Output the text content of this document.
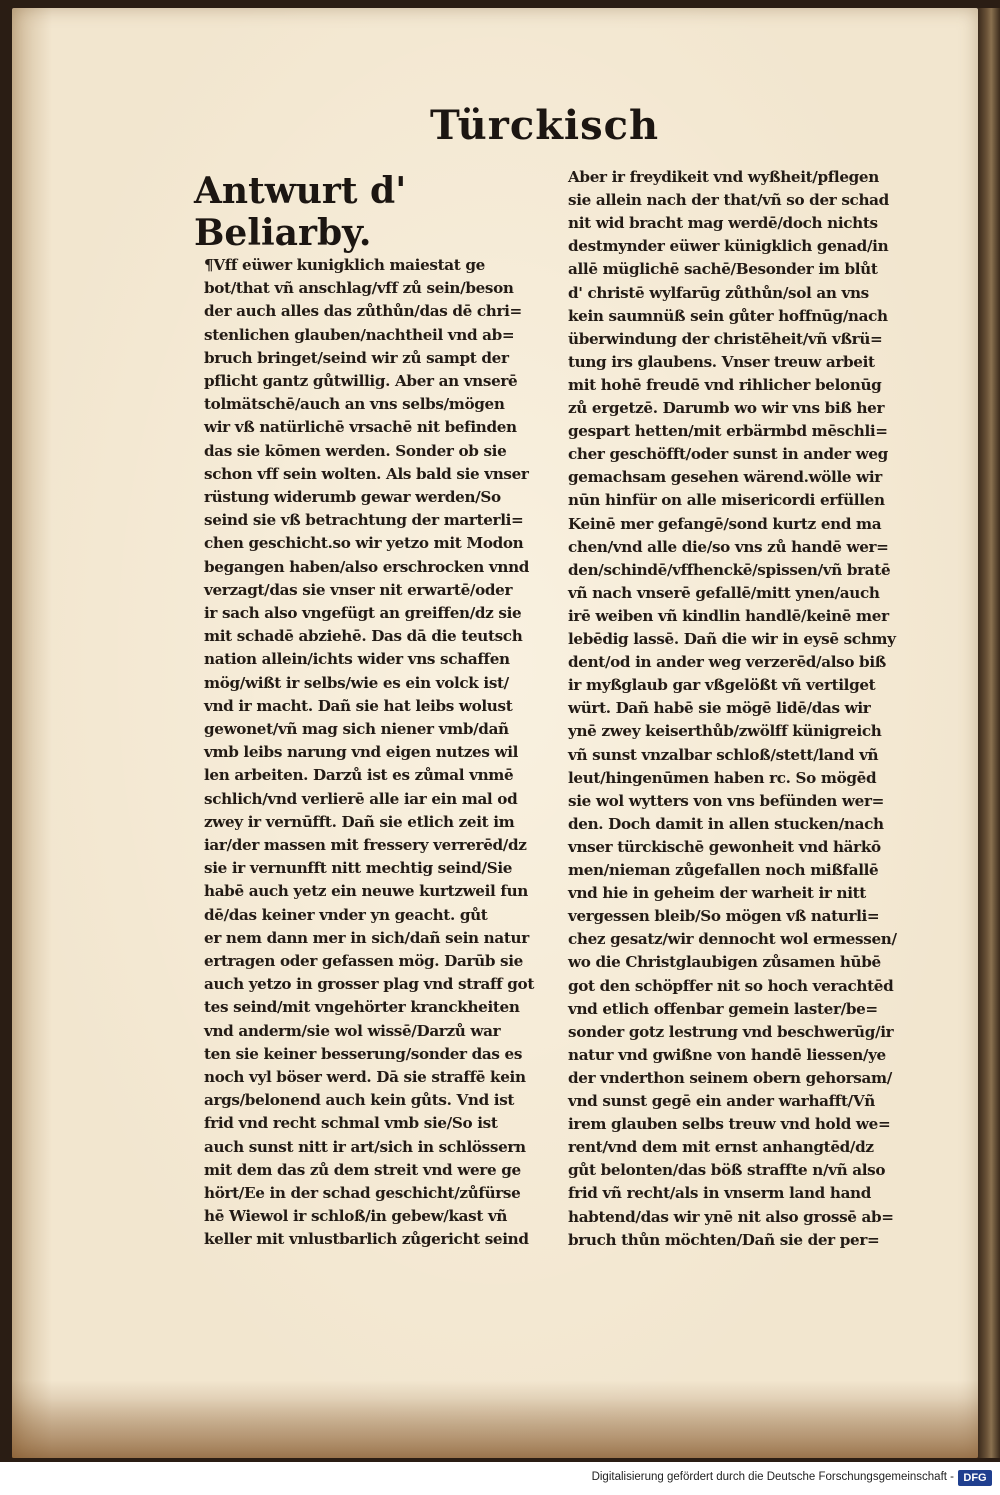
Türckisch
Antwurt d' Beliarby.
¶Vff eüwer kunigklich maiestat ge
bot/that vñ anschlag/vff zů sein/beson
der auch alles das zůthůn/das dē chri=
stenlichen glauben/nachtheil vnd ab=
bruch bringet/seind wir zů sampt der
pflicht gantz gůtwillig. Aber an vnserē
tolmätschē/auch an vns selbs/mögen
wir vß natürlichē vrsachē nit befinden
das sie kōmen werden. Sonder ob sie
schon vff sein wolten. Als bald sie vnser
rüstung widerumb gewar werden/So
seind sie vß betrachtung der marterli=
chen geschicht.so wir yetzo mit Modon
begangen haben/also erschrocken vnnd
verzagt/das sie vnser nit erwartē/oder
ir sach also vngefügt an greiffen/dz sie
mit schadē abziehē. Das dā die teutsch
nation allein/ichts wider vns schaffen
mög/wißt ir selbs/wie es ein volck ist/
vnd ir macht. Dañ sie hat leibs wolust
gewonet/vñ mag sich niener vmb/dañ
vmb leibs narung vnd eigen nutzes wil
len arbeiten. Darzů ist es zůmal vnmē
schlich/vnd verlierē alle iar ein mal od
zwey ir vernūfft. Dañ sie etlich zeit im
iar/der massen mit fressery verrerēd/dz
sie ir vernunfft nitt mechtig seind/Sie
habē auch yetz ein neuwe kurtzweil fun
dē/das keiner vnder yn geacht. gůt
er nem dann mer in sich/dañ sein natur
ertragen oder gefassen mög. Darūb sie
auch yetzo in grosser plag vnd straff got
tes seind/mit vngehörter kranckheiten
vnd anderm/sie wol wissē/Darzů war
ten sie keiner besserung/sonder das es
noch vyl böser werd. Dā sie straffē kein
args/belonend auch kein gůts. Vnd ist
frid vnd recht schmal vmb sie/So ist
auch sunst nitt ir art/sich in schlössern
mit dem das zů dem streit vnd were ge
hört/Ee in der schad geschicht/zůfürse
hē Wiewol ir schloß/in gebew/kast vñ
keller mit vnlustbarlich zůgericht seind
Aber ir freydikeit vnd wyßheit/pflegen
sie allein nach der that/vñ so der schad
nit wid bracht mag werdē/doch nichts
destmynder eüwer künigklich genad/in
allē müglichē sachē/Besonder im blůt
d' christē wylfarūg zůthůn/sol an vns
kein saumnüß sein gůter hoffnūg/nach
überwindung der christēheit/vñ vßrü=
tung irs glaubens. Vnser treuw arbeit
mit hohē freudē vnd rihlicher belonūg
zů ergetzē. Darumb wo wir vns biß her
gespart hetten/mit erbärmbd mēschli=
cher geschöfft/oder sunst in ander weg
gemachsam gesehen wärend.wölle wir
nūn hinfür on alle misericordi erfüllen
Keinē mer gefangē/sond kurtz end ma
chen/vnd alle die/so vns zů handē wer=
den/schindē/vffhenckē/spissen/vñ bratē
vñ nach vnserē gefallē/mitt ynen/auch
irē weiben vñ kindlin handlē/keinē mer
lebēdig lassē. Dañ die wir in eysē schmy
dent/od in ander weg verzerēd/also biß
ir myßglaub gar vßgelößt vñ vertilget
würt. Dañ habē sie mögē lidē/das wir
ynē zwey keiserthůb/zwölff künigreich
vñ sunst vnzalbar schloß/stett/land vñ
leut/hingenūmen haben rc. So mögēd
sie wol wytters von vns befünden wer=
den. Doch damit in allen stucken/nach
vnser türckischē gewonheit vnd härkō
men/nieman zůgefallen noch mißfallē
vnd hie in geheim der warheit ir nitt
vergessen bleib/So mögen vß naturli=
chez gesatz/wir dennocht wol ermessen/
wo die Christglaubigen zůsamen hūbē
got den schöpffer nit so hoch verachtēd
vnd etlich offenbar gemein laster/be=
sonder gotz lestrung vnd beschwerūg/ir
natur vnd gwißne von handē liessen/ye
der vnderthon seinem obern gehorsam/
vnd sunst gegē ein ander warhafft/Vñ
irem glauben selbs treuw vnd hold we=
rent/vnd dem mit ernst anhangtēd/dz
gůt belonten/das böß straffte n/vñ also
frid vñ recht/als in vnserm land hand
habtend/das wir ynē nit also grossē ab=
bruch thůn möchten/Dañ sie der per=
Digitalisierung gefördert durch die Deutsche Forschungsgemeinschaft - DFG
